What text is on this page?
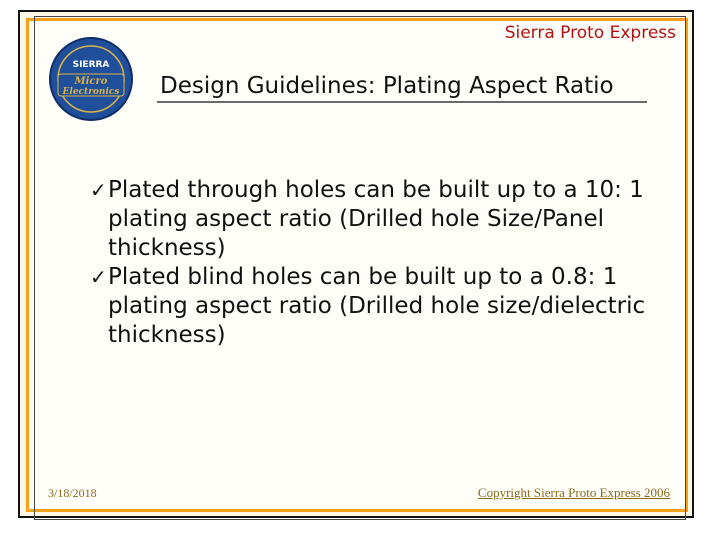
Sierra Proto Express
SIERRA
Micro
Electronics Design Guidelines: Plating Aspect Ratio
✓ Plated through holes can be built up to a 10: 1 plating aspect ratio (Drilled hole Size/Panel thickness)
✓ Plated blind holes can be built up to a 0.8: 1 plating aspect ratio (Drilled hole size/dielectric thickness)
3/18/2018	Copyright Sierra Proto Express 2006
